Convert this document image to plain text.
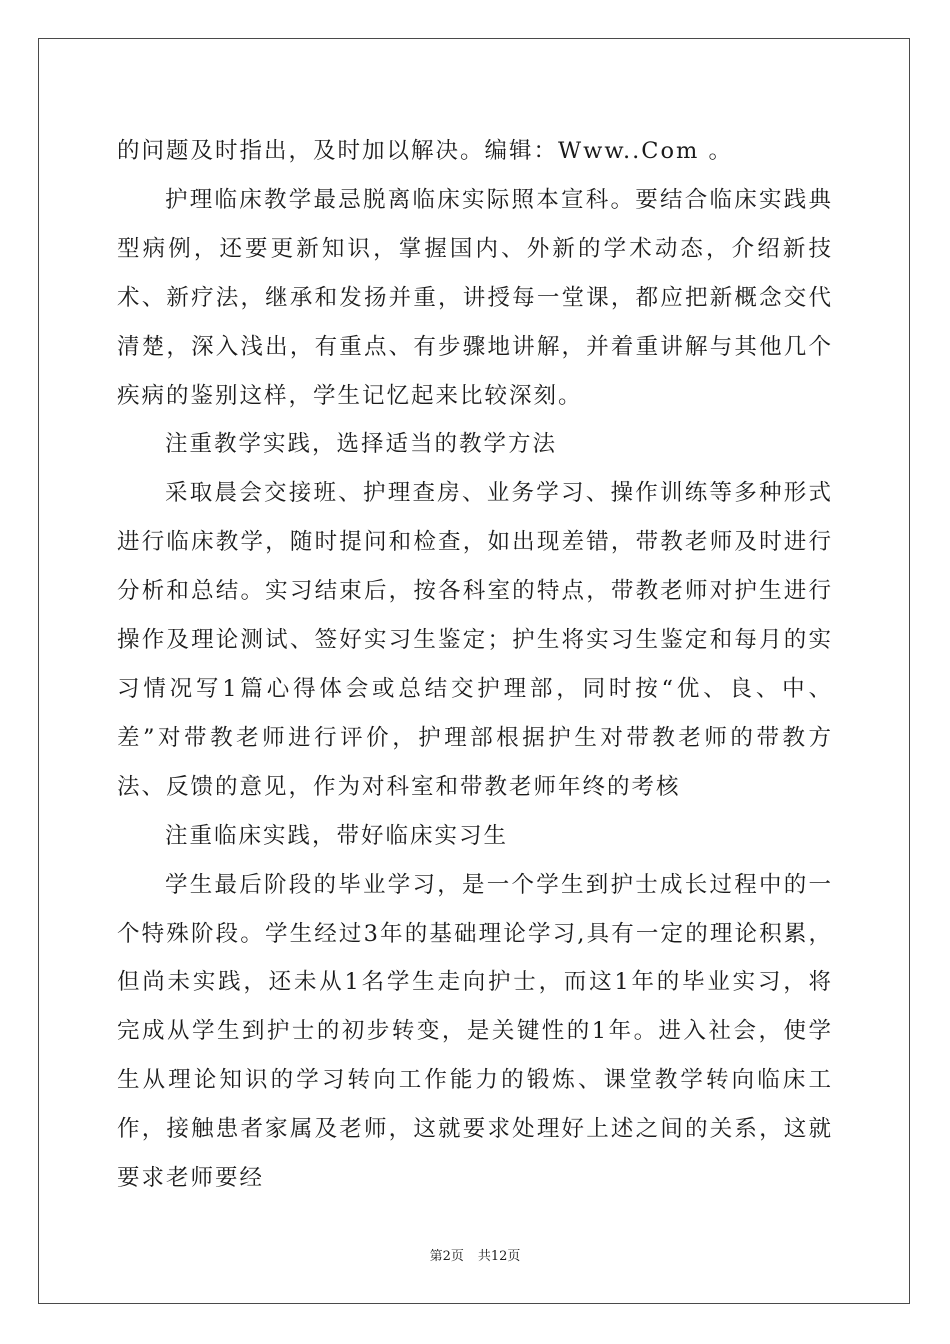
的问题及时指出，及时加以解决。编辑：Www..Com 。

护理临床教学最忌脱离临床实际照本宣科。要结合临床实践典型病例，还要更新知识，掌握国内、外新的学术动态，介绍新技术、新疗法，继承和发扬并重，讲授每一堂课，都应把新概念交代清楚，深入浅出，有重点、有步骤地讲解，并着重讲解与其他几个疾病的鉴别这样，学生记忆起来比较深刻。

注重教学实践，选择适当的教学方法

采取晨会交接班、护理查房、业务学习、操作训练等多种形式进行临床教学，随时提问和检查，如出现差错，带教老师及时进行分析和总结。实习结束后，按各科室的特点，带教老师对护生进行操作及理论测试、签好实习生鉴定；护生将实习生鉴定和每月的实习情况写1篇心得体会或总结交护理部，同时按“优、良、中、差”对带教老师进行评价，护理部根据护生对带教老师的带教方法、反馈的意见，作为对科室和带教老师年终的考核

注重临床实践，带好临床实习生

学生最后阶段的毕业学习，是一个学生到护士成长过程中的一个特殊阶段。学生经过3年的基础理论学习,具有一定的理论积累，但尚未实践，还未从1名学生走向护士，而这1年的毕业实习，将完成从学生到护士的初步转变，是关键性的1年。进入社会，使学生从理论知识的学习转向工作能力的锻炼、课堂教学转向临床工作，接触患者家属及老师，这就要求处理好上述之间的关系，这就要求老师要经

第2页 共12页
